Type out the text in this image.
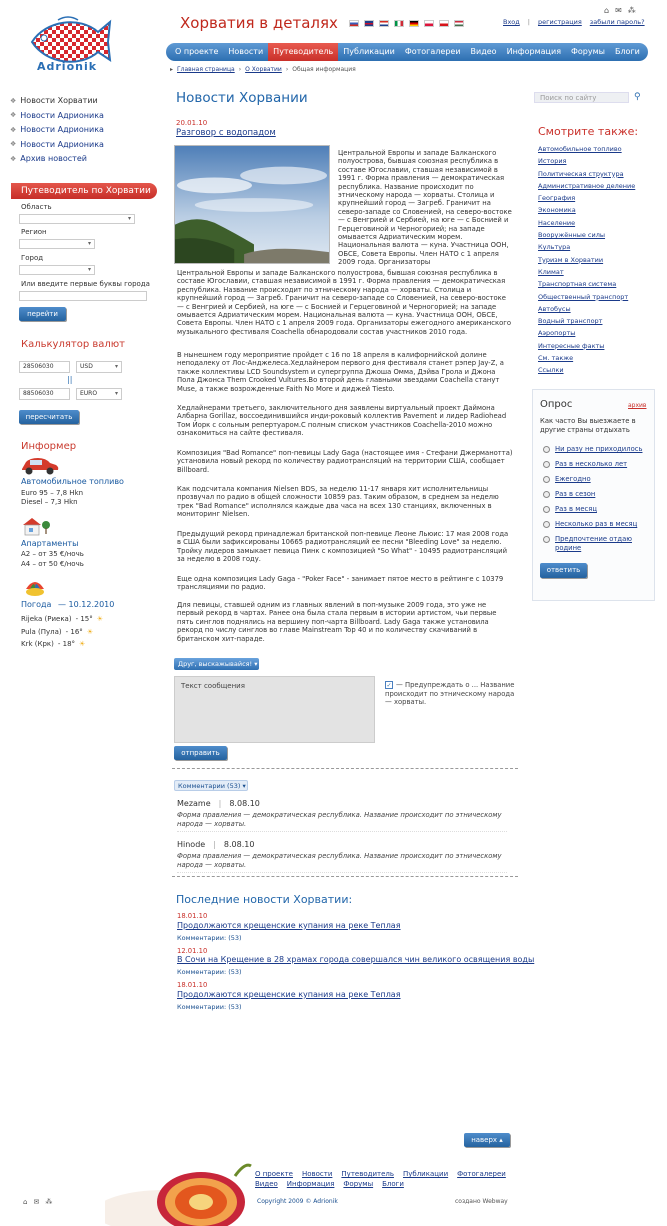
Adrionik
Хорватия в деталях	Вход | регистрация забыли пароль?
⌂ ✉ ⁂
О проекте	Новости	Путеводитель	Публикации	Фотогалереи	Видео	Информация	Форумы	Блоги
▸ Главная страница › О Хорватии › Общая информация
❖ Новости Хорватии
❖ Новости Адрионика
❖ Новости Адрионика
❖ Новости Адрионика
❖ Архив новостей
Путеводитель по Хорватии
Область
▾
Регион
▾
Город
▾
Или введите первые буквы города
перейти
Калькулятор валют
28506030	USD	▾
||
88506030	EURO	▾
пересчитать
Информер
Автомобильное топливо
Euro 95 – 7,8 Hkn
Diesel – 7,3 Hkn
Апартаменты
A2 – от 35 €/ночь
A4 – от 50 €/ночь
Погода — 10.12.2010
Rijeka (Риека) - 15° ☀
Pula (Пула) - 16° ☀
Krk (Крк) - 18° ☀
Новости Хорвании
20.01.10
Разговор с водопадом
Центральной Европы и западе Балканского полуострова, бывшая союзная республика в составе Югославии, ставшая независимой в 1991 г. Форма правления — демократическая республика. Название происходит по этническому народа — хорваты. Столица и крупнейший город — Загреб. Граничит на северо-западе со Словенией, на северо-востоке — с Венгрией и Сербией, на юге — с Боснией и Герцеговиной и Черногорией; на западе омывается Адриатическим морем. Национальная валюта — куна. Участница ООН, ОБСЕ, Совета Европы. Член НАТО с 1 апреля 2009 года. Организаторы
Центральной Европы и западе Балканского полуострова, бывшая союзная республика в составе Югославии, ставшая независимой в 1991 г. Форма правления — демократическая республика. Название происходит по этническому народа — хорваты. Столица и крупнейший город — Загреб. Граничит на северо-западе со Словенией, на северо-востоке — с Венгрией и Сербией, на юге — с Боснией и Герцеговиной и Черногорией; на западе омывается Адриатическим морем. Национальная валюта — куна. Участница ООН, ОБСЕ, Совета Европы. Член НАТО с 1 апреля 2009 года. Организаторы ежегодного американского музыкального фестиваля Coachella обнародовали состав участников 2010 года.
В нынешнем году мероприятие пройдет с 16 по 18 апреля в калифорнийской долине неподалеку от Лос-Анджелеса.Хедлайнером первого дня фестиваля станет рэпер Jay-Z, а также коллективы LCD Soundsystem и супергруппа Джоша Омма, Дэйва Грола и Джона Пола Джонса Them Crooked Vultures.Во второй день главными звездами Coachella станут Muse, а также возрожденные Faith No More и диджей Tiesto.
Хедлайнерами третьего, заключительного дня заявлены виртуальный проект Даймона Албарна Gorillaz, воссоединившийся инди-роковый коллектив Pavement и лидер Radiohead Том Йорк с сольным репертуаром.С полным списком участников Coachella-2010 можно ознакомиться на сайте фестиваля.
Композиция "Bad Romance" поп-певицы Lady Gaga (настоящее имя - Стефани Джерманотта) установила новый рекорд по количеству радиотрансляций на территории США, сообщает Billboard.
Как подсчитала компания Nielsen BDS, за неделю 11-17 января хит исполнительницы прозвучал по радио в общей сложности 10859 раз. Таким образом, в среднем за неделю трек "Bad Romance" исполнялся каждые два часа на всех 130 станциях, включенных в мониторинг Nielsen.
Предыдущий рекорд принадлежал британской поп-певице Леоне Льюис: 17 мая 2008 года в США были зафиксированы 10665 радиотрансляций ее песни "Bleeding Love" за неделю. Тройку лидеров замыкает певица Пинк с композицией "So What" - 10495 радиотрансляций за неделю в 2008 году.
Еще одна композиция Lady Gaga - "Poker Face" - занимает пятое место в рейтинге с 10379 трансляциями по радио.
Для певицы, ставшей одним из главных явлений в поп-музыке 2009 года, это уже не первый рекорд в чартах. Ранее она была стала первым в истории артистом, чьи первые пять синглов поднялись на вершину поп-чарта Billboard. Lady Gaga также установила рекорд по числу синглов во главе Mainstream Top 40 и по количеству скачиваний в британском хит-параде.
Друг, выскажывайся! ▾
Текст сообщения	✓ — Предупреждать о ... Название происходит по этническому народа — хорваты.
отправить
Комментарии (53) ▾
Mezame | 8.08.10
Форма правления — демократическая республика. Название происходит по этническому народа — хорваты.
Hinode | 8.08.10
Форма правления — демократическая республика. Название происходит по этническому народа — хорваты.
Последние новости Хорватии:
18.01.10
Продолжаются крещенские купания на реке Теплая
Комментарии: (53)
12.01.10
В Сочи на Крещение в 28 храмах города совершался чин великого освящения воды
Комментарии: (53)
18.01.10
Продолжаются крещенские купания на реке Теплая
Комментарии: (53)
Поиск по сайту	⚲
Смотрите также:
Автомобильное топливо
История
Политическая структура
Административное деление
География
Экономика
Население
Вооружённые силы
Культура
Туризм в Хорватии
Климат
Транспортная система
Общественный транспорт
Автобусы
Водный транспорт
Аэропорты
Интересные факты
См. также
Ссылки
Опрос	архив
Как часто Вы выезжаете в другие страны отдыхать
Ни разу не приходилось
Раз в несколько лет
Ежегодно
Раз в сезон
Раз в месяц
Несколько раз в месяц
Предпочтение отдаю родине
ответить
наверх ▴
О проекте Новости Путеводитель Публикации Фотогалереи
Видео Информация Форумы Блоги
Copyright 2009 © Adrionik	создано Webway
⌂ ✉ ⁂
